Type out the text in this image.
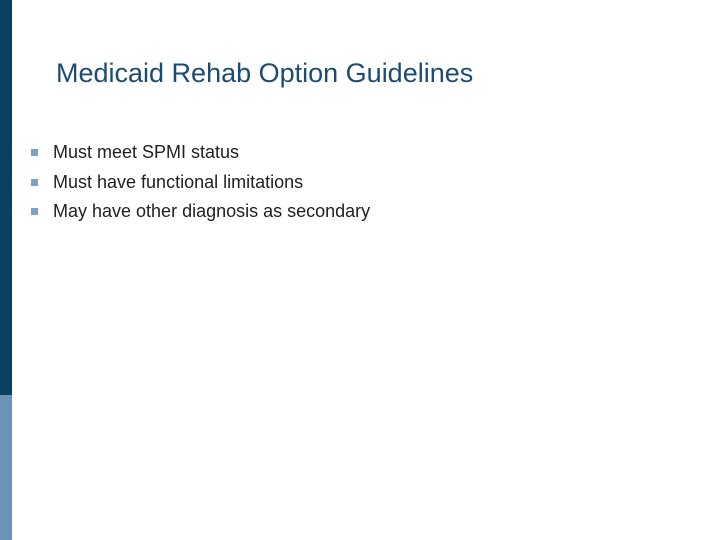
Medicaid Rehab Option Guidelines
Must meet SPMI status
Must have functional limitations
May have other diagnosis as secondary
